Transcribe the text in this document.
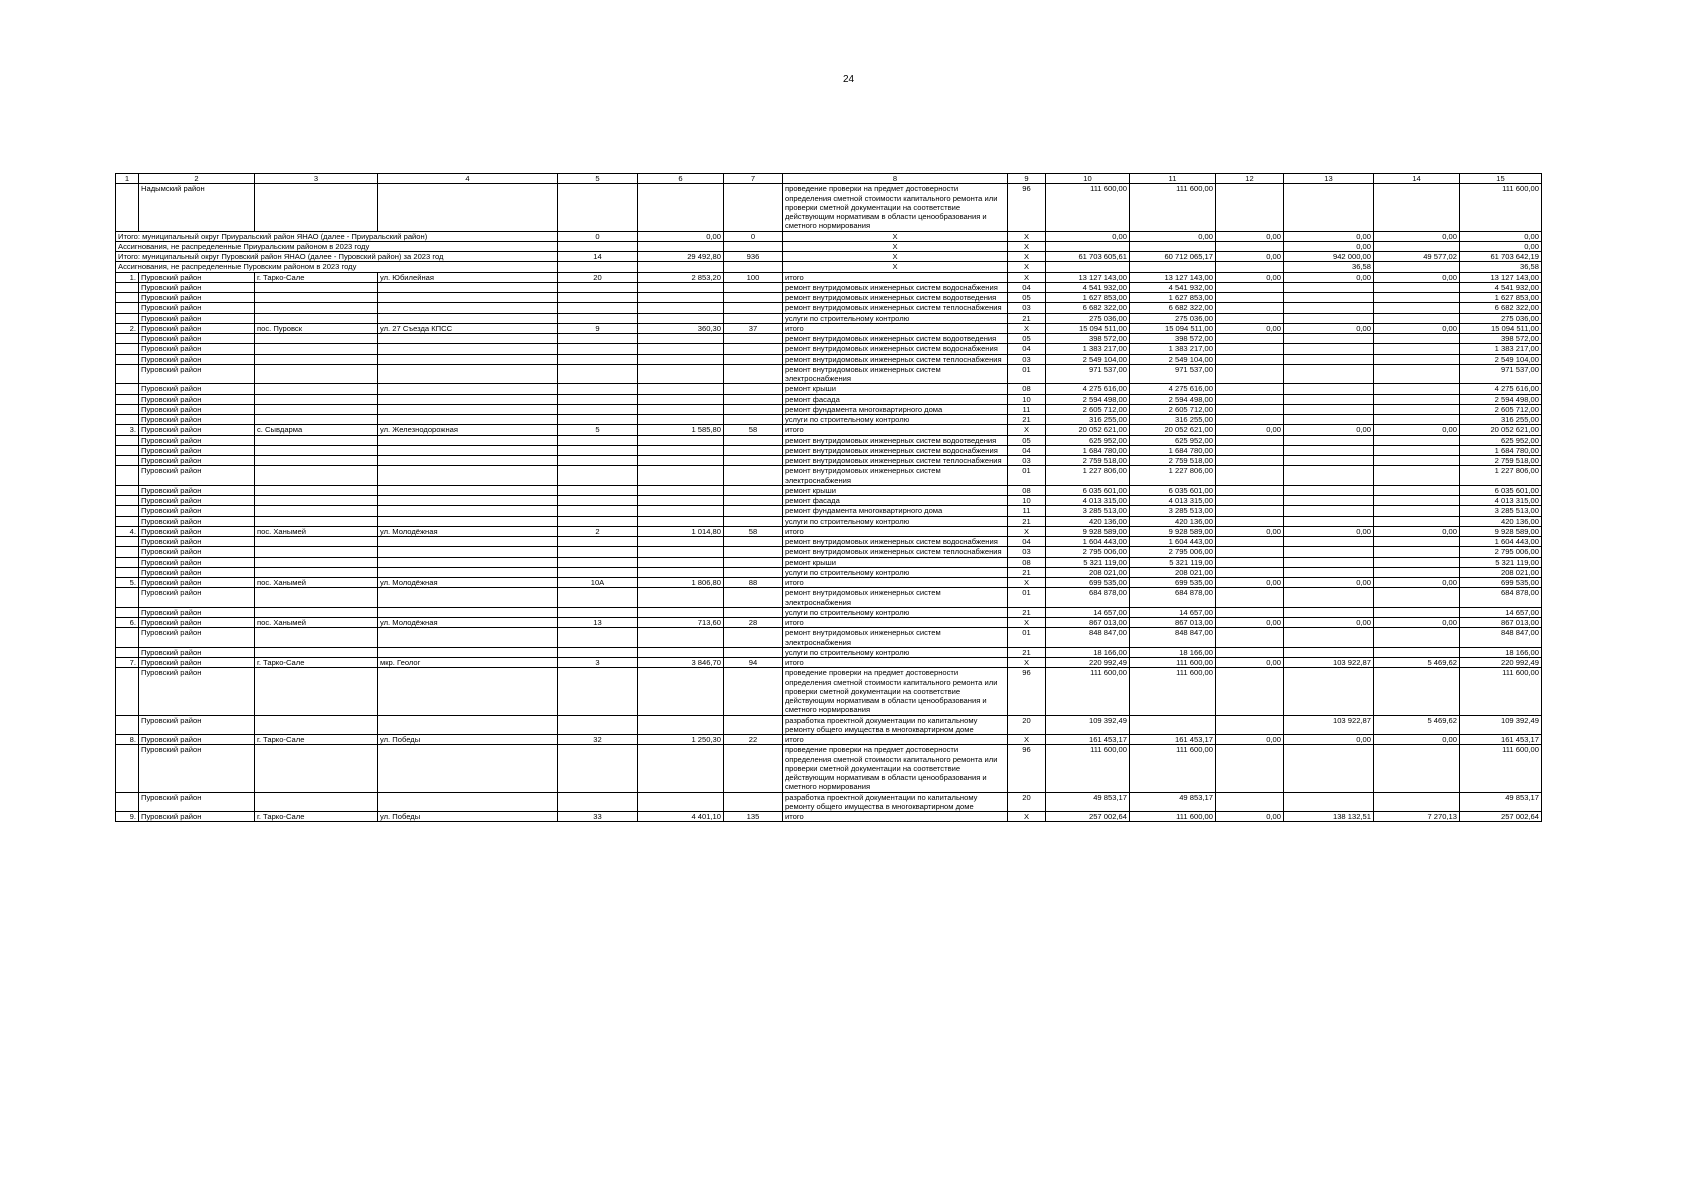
24
1	2	3	4	5	6	7	8	9	10	11	12	13	14	15
	Надымский район						проведение проверки на предмет достоверности определения сметной стоимости капитального ремонта или проверки сметной документации на соответствие действующим нормативам в области ценообразования и сметного нормирования	96	111 600,00	111 600,00				111 600,00
Итого: муниципальный округ Приуральский район ЯНАО (далее - Приуральский район)				0	0,00	0	X	X	0,00	0,00	0,00	0,00	0,00	0,00
Ассигнования, не распределенные Приуральским районом в 2023 году							X	X				0,00		0,00
Итого: муниципальный округ Пуровский район ЯНАО (далее - Пуровский район) за 2023 год				14	29 492,80	936	X	X	61 703 605,61	60 712 065,17	0,00	942 000,00	49 577,02	61 703 642,19
Ассигнования, не распределенные Пуровским районом в 2023 году							X	X				36,58		36,58
1.	Пуровский район	г. Тарко-Сале	ул. Юбилейная	20	2 853,20	100	итого	X	13 127 143,00	13 127 143,00	0,00	0,00	0,00	13 127 143,00
	Пуровский район						ремонт внутридомовых инженерных систем водоснабжения	04	4 541 932,00	4 541 932,00				4 541 932,00
	Пуровский район						ремонт внутридомовых инженерных систем водоотведения	05	1 627 853,00	1 627 853,00				1 627 853,00
	Пуровский район						ремонт внутридомовых инженерных систем теплоснабжения	03	6 682 322,00	6 682 322,00				6 682 322,00
	Пуровский район						услуги по строительному контролю	21	275 036,00	275 036,00				275 036,00
2.	Пуровский район	пос. Пуровск	ул. 27 Съезда КПСС	9	360,30	37	итого	X	15 094 511,00	15 094 511,00	0,00	0,00	0,00	15 094 511,00
	Пуровский район						ремонт внутридомовых инженерных систем водоотведения	05	398 572,00	398 572,00				398 572,00
	Пуровский район						ремонт внутридомовых инженерных систем водоснабжения	04	1 383 217,00	1 383 217,00				1 383 217,00
	Пуровский район						ремонт внутридомовых инженерных систем теплоснабжения	03	2 549 104,00	2 549 104,00				2 549 104,00
	Пуровский район						ремонт внутридомовых инженерных систем электроснабжения	01	971 537,00	971 537,00				971 537,00
	Пуровский район						ремонт крыши	08	4 275 616,00	4 275 616,00				4 275 616,00
	Пуровский район						ремонт фасада	10	2 594 498,00	2 594 498,00				2 594 498,00
	Пуровский район						ремонт фундамента многоквартирного дома	11	2 605 712,00	2 605 712,00				2 605 712,00
	Пуровский район						услуги по строительному контролю	21	316 255,00	316 255,00				316 255,00
3.	Пуровский район	с. Сывдарма	ул. Железнодорожная	5	1 585,80	58	итого	X	20 052 621,00	20 052 621,00	0,00	0,00	0,00	20 052 621,00
	Пуровский район						ремонт внутридомовых инженерных систем водоотведения	05	625 952,00	625 952,00				625 952,00
	Пуровский район						ремонт внутридомовых инженерных систем водоснабжения	04	1 684 780,00	1 684 780,00				1 684 780,00
	Пуровский район						ремонт внутридомовых инженерных систем теплоснабжения	03	2 759 518,00	2 759 518,00				2 759 518,00
	Пуровский район						ремонт внутридомовых инженерных систем электроснабжения	01	1 227 806,00	1 227 806,00				1 227 806,00
	Пуровский район						ремонт крыши	08	6 035 601,00	6 035 601,00				6 035 601,00
	Пуровский район						ремонт фасада	10	4 013 315,00	4 013 315,00				4 013 315,00
	Пуровский район						ремонт фундамента многоквартирного дома	11	3 285 513,00	3 285 513,00				3 285 513,00
	Пуровский район						услуги по строительному контролю	21	420 136,00	420 136,00				420 136,00
4.	Пуровский район	пос. Ханымей	ул. Молодёжная	2	1 014,80	58	итого	X	9 928 589,00	9 928 589,00	0,00	0,00	0,00	9 928 589,00
	Пуровский район						ремонт внутридомовых инженерных систем водоснабжения	04	1 604 443,00	1 604 443,00				1 604 443,00
	Пуровский район						ремонт внутридомовых инженерных систем теплоснабжения	03	2 795 006,00	2 795 006,00				2 795 006,00
	Пуровский район						ремонт крыши	08	5 321 119,00	5 321 119,00				5 321 119,00
	Пуровский район						услуги по строительному контролю	21	208 021,00	208 021,00				208 021,00
5.	Пуровский район	пос. Ханымей	ул. Молодёжная	10А	1 806,80	88	итого	X	699 535,00	699 535,00	0,00	0,00	0,00	699 535,00
	Пуровский район						ремонт внутридомовых инженерных систем электроснабжения	01	684 878,00	684 878,00				684 878,00
	Пуровский район						услуги по строительному контролю	21	14 657,00	14 657,00				14 657,00
6.	Пуровский район	пос. Ханымей	ул. Молодёжная	13	713,60	28	итого	X	867 013,00	867 013,00	0,00	0,00	0,00	867 013,00
	Пуровский район						ремонт внутридомовых инженерных систем электроснабжения	01	848 847,00	848 847,00				848 847,00
	Пуровский район						услуги по строительному контролю	21	18 166,00	18 166,00				18 166,00
7.	Пуровский район	г. Тарко-Сале	мкр. Геолог	3	3 846,70	94	итого	X	220 992,49	111 600,00	0,00	103 922,87	5 469,62	220 992,49
	Пуровский район						проведение проверки на предмет достоверности определения сметной стоимости капитального ремонта или проверки сметной документации на соответствие действующим нормативам в области ценообразования и сметного нормирования	96	111 600,00	111 600,00				111 600,00
	Пуровский район						разработка проектной документации по капитальному ремонту общего имущества в многоквартирном доме	20	109 392,49			103 922,87	5 469,62	109 392,49
8.	Пуровский район	г. Тарко-Сале	ул. Победы	32	1 250,30	22	итого	X	161 453,17	161 453,17	0,00	0,00	0,00	161 453,17
	Пуровский район						проведение проверки на предмет достоверности определения сметной стоимости капитального ремонта или проверки сметной документации на соответствие действующим нормативам в области ценообразования и сметного нормирования	96	111 600,00	111 600,00				111 600,00
	Пуровский район						разработка проектной документации по капитальному ремонту общего имущества в многоквартирном доме	20	49 853,17	49 853,17				49 853,17
9.	Пуровский район	г. Тарко-Сале	ул. Победы	33	4 401,10	135	итого	X	257 002,64	111 600,00	0,00	138 132,51	7 270,13	257 002,64
